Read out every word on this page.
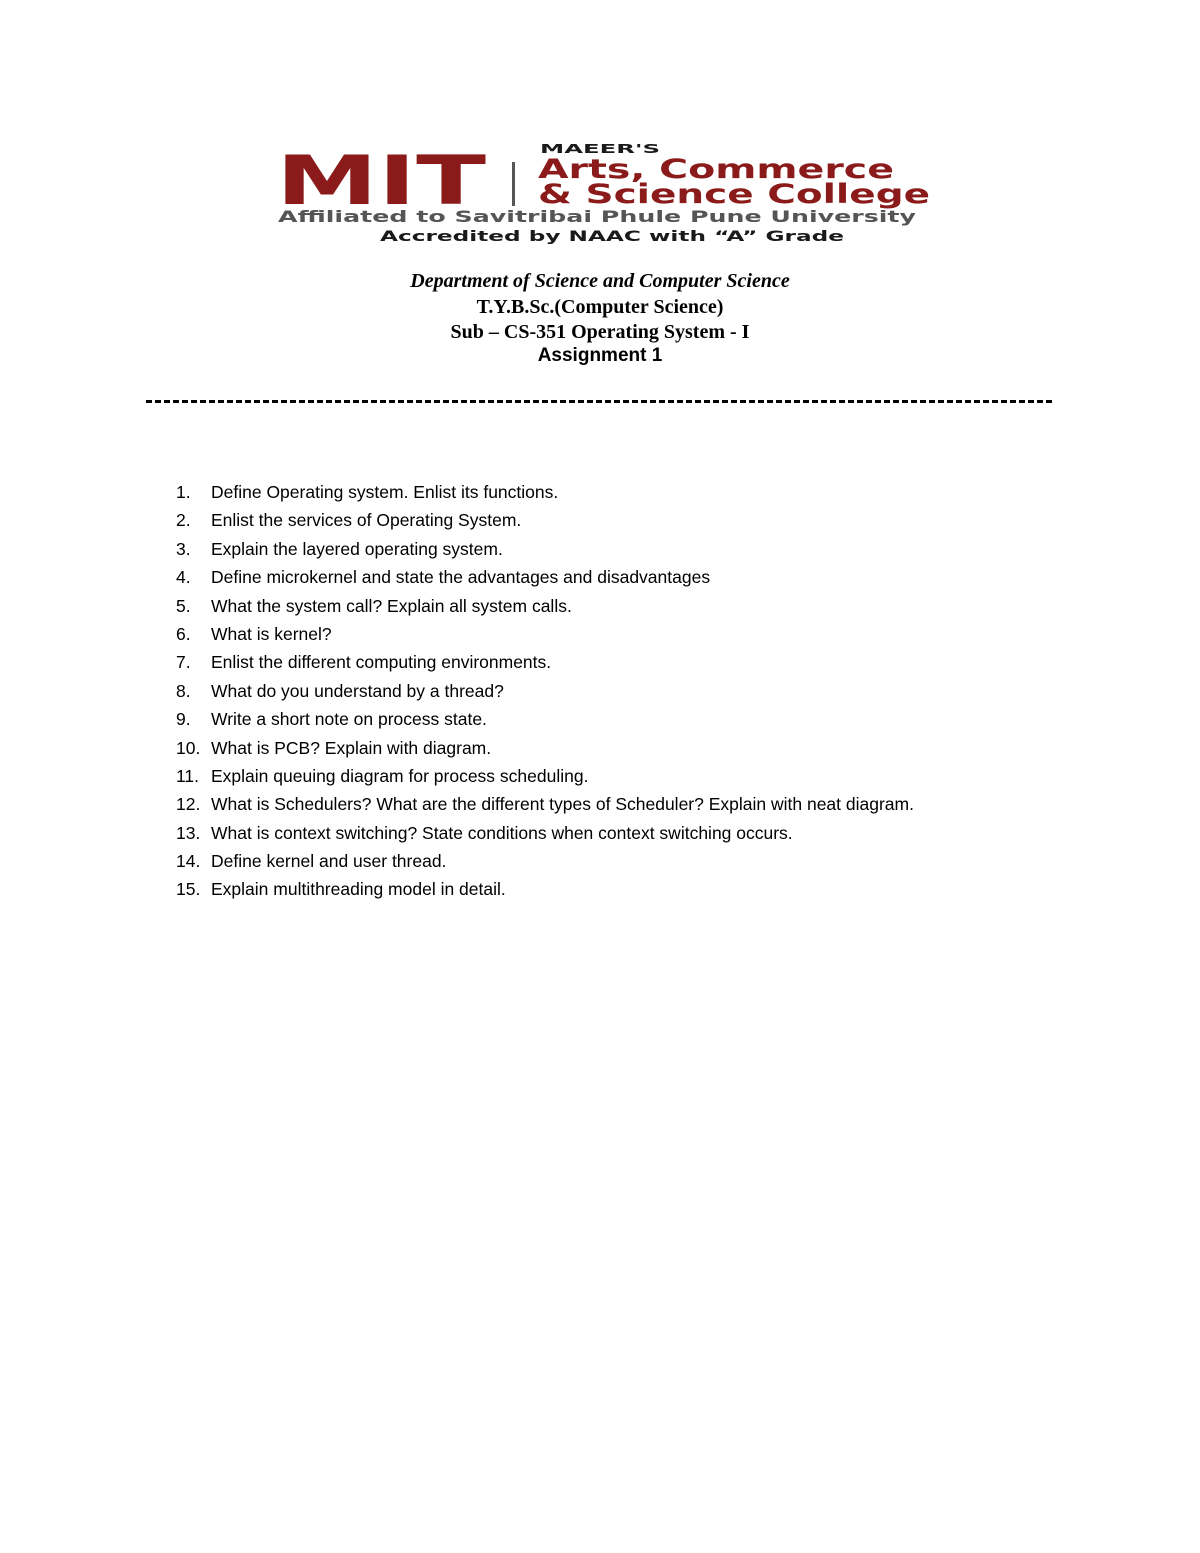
MIT	MAEER'S
Arts, Commerce
& Science College
Affiliated to Savitribai Phule Pune University
Accredited by NAAC with “A” Grade
Department of Science and Computer Science
T.Y.B.Sc.(Computer Science)
Sub – CS-351 Operating System - I
Assignment 1
1. Define Operating system. Enlist its functions.
2. Enlist the services of Operating System.
3. Explain the layered operating system.
4. Define microkernel and state the advantages and disadvantages
5. What the system call? Explain all system calls.
6. What is kernel?
7. Enlist the different computing environments.
8. What do you understand by a thread?
9. Write a short note on process state.
10. What is PCB? Explain with diagram.
11. Explain queuing diagram for process scheduling.
12. What is Schedulers? What are the different types of Scheduler? Explain with neat diagram.
13. What is context switching? State conditions when context switching occurs.
14. Define kernel and user thread.
15. Explain multithreading model in detail.
